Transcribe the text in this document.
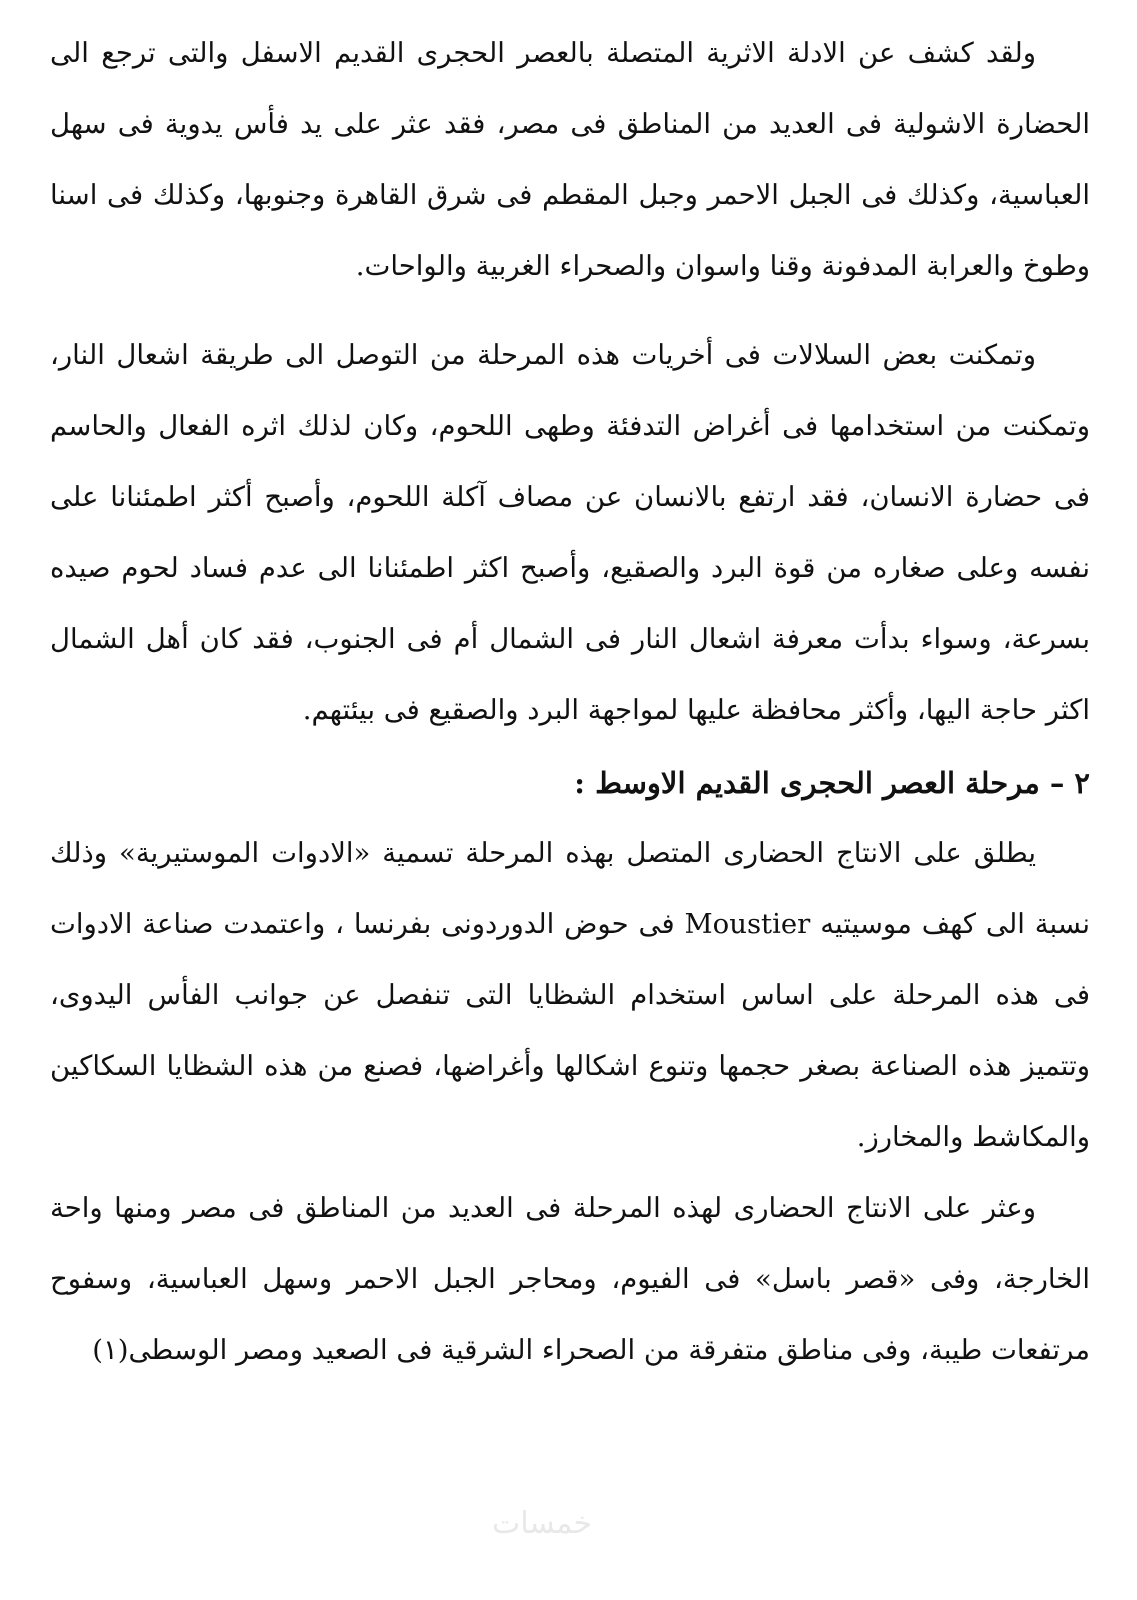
ولقد كشف عن الادلة الاثرية المتصلة بالعصر الحجرى القديم الاسفل والتى ترجع الى الحضارة الاشولية فى العديد من المناطق فى مصر، فقد عثر على يد فأس يدوية فى سهل العباسية، وكذلك فى الجبل الاحمر وجبل المقطم فى شرق القاهرة وجنوبها، وكذلك فى اسنا وطوخ والعرابة المدفونة وقنا واسوان والصحراء الغربية والواحات.

وتمكنت بعض السلالات فى أخريات هذه المرحلة من التوصل الى طريقة اشعال النار، وتمكنت من استخدامها فى أغراض التدفئة وطهى اللحوم، وكان لذلك اثره الفعال والحاسم فى حضارة الانسان، فقد ارتفع بالانسان عن مصاف آكلة اللحوم، وأصبح أكثر اطمئنانا على نفسه وعلى صغاره من قوة البرد والصقيع، وأصبح اكثر اطمئنانا الى عدم فساد لحوم صيده بسرعة، وسواء بدأت معرفة اشعال النار فى الشمال أم فى الجنوب، فقد كان أهل الشمال اكثر حاجة اليها، وأكثر محافظة عليها لمواجهة البرد والصقيع فى بيئتهم.

٢ – مرحلة العصر الحجرى القديم الاوسط :

يطلق على الانتاج الحضارى المتصل بهذه المرحلة تسمية «الادوات الموستيرية» وذلك نسبة الى كهف موسيتيه Moustier فى حوض الدوردونى بفرنسا ، واعتمدت صناعة الادوات فى هذه المرحلة على اساس استخدام الشظايا التى تنفصل عن جوانب الفأس اليدوى، وتتميز هذه الصناعة بصغر حجمها وتنوع اشكالها وأغراضها، فصنع من هذه الشظايا السكاكين والمكاشط والمخارز.

وعثر على الانتاج الحضارى لهذه المرحلة فى العديد من المناطق فى مصر ومنها واحة الخارجة، وفى «قصر باسل» فى الفيوم، ومحاجر الجبل الاحمر وسهل العباسية، وسفوح مرتفعات طيبة، وفى مناطق متفرقة من الصحراء الشرقية فى الصعيد ومصر الوسطى(١)

خمسات
